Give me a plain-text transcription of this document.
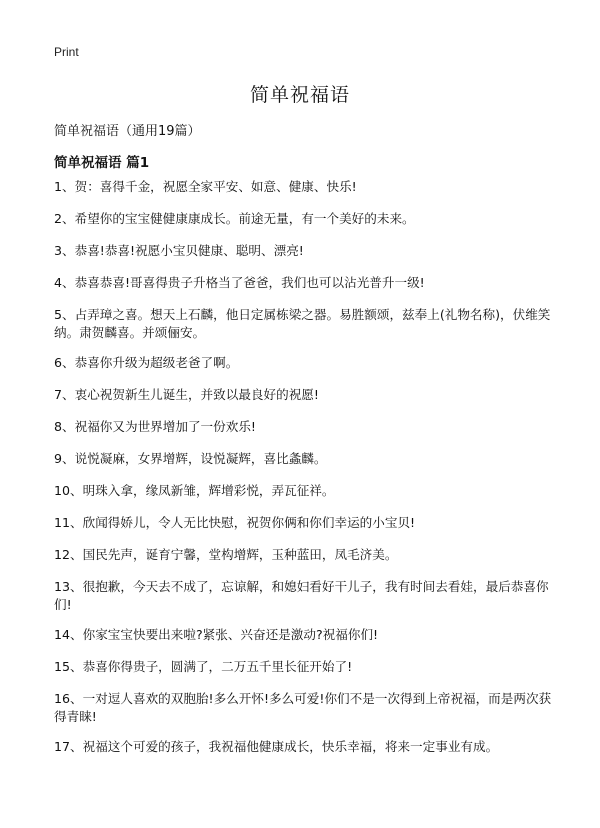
Print
简单祝福语

简单祝福语（通用19篇）

简单祝福语 篇1
1、贺：喜得千金，祝愿全家平安、如意、健康、快乐!
2、希望你的宝宝健健康康成长。前途无量，有一个美好的未来。
3、恭喜!恭喜!祝愿小宝贝健康、聪明、漂亮!
4、恭喜恭喜!哥喜得贵子升格当了爸爸，我们也可以沾光普升一级!
5、占弄璋之喜。想天上石麟，他日定属栋梁之器。易胜额颂，兹奉上(礼物名称)，伏维笑纳。肃贺麟喜。并颂俪安。
6、恭喜你升级为超级老爸了啊。
7、衷心祝贺新生儿诞生，并致以最良好的祝愿!
8、祝福你又为世界增加了一份欢乐!
9、说悦凝麻，女界增辉，设悦凝辉，喜比螽麟。
10、明珠入拿，缘凤新雏，辉增彩悦，弄瓦征祥。
11、欣闻得娇儿，令人无比快慰，祝贺你俩和你们幸运的小宝贝!
12、国民先声，诞育宁馨，堂构增辉，玉种蓝田，凤毛济美。
13、很抱歉，今天去不成了，忘谅解，和媳妇看好干儿子，我有时间去看娃，最后恭喜你们!
14、你家宝宝快要出来啦?紧张、兴奋还是激动?祝福你们!
15、恭喜你得贵子，圆满了，二万五千里长征开始了!
16、一对逗人喜欢的双胞胎!多么开怀!多么可爱!你们不是一次得到上帝祝福，而是两次获得青睐!
17、祝福这个可爱的孩子，我祝福他健康成长，快乐幸福，将来一定事业有成。
